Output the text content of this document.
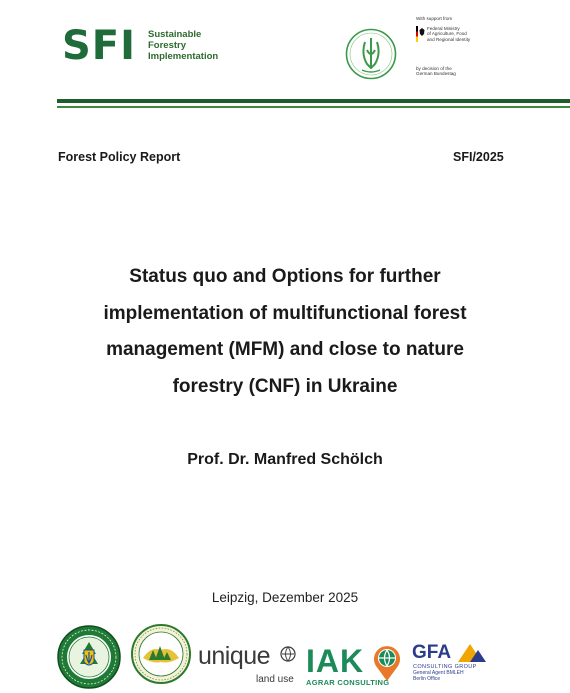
SFI Sustainable
Forestry
Implementation
With support from
Federal Ministry
of Agriculture, Food
and Regional Identity
by decision of the
German Bundestag
Forest Policy Report	SFI/2025
Status quo and Options for further
implementation of multifunctional forest
management (MFM) and close to nature
forestry (CNF) in Ukraine
Prof. Dr. Manfred Schölch
Leipzig, Dezember 2025
unique
land use
IAK
AGRAR CONSULTING
GFA
CONSULTING GROUP
General Agent BMLEH
Berlin Office
